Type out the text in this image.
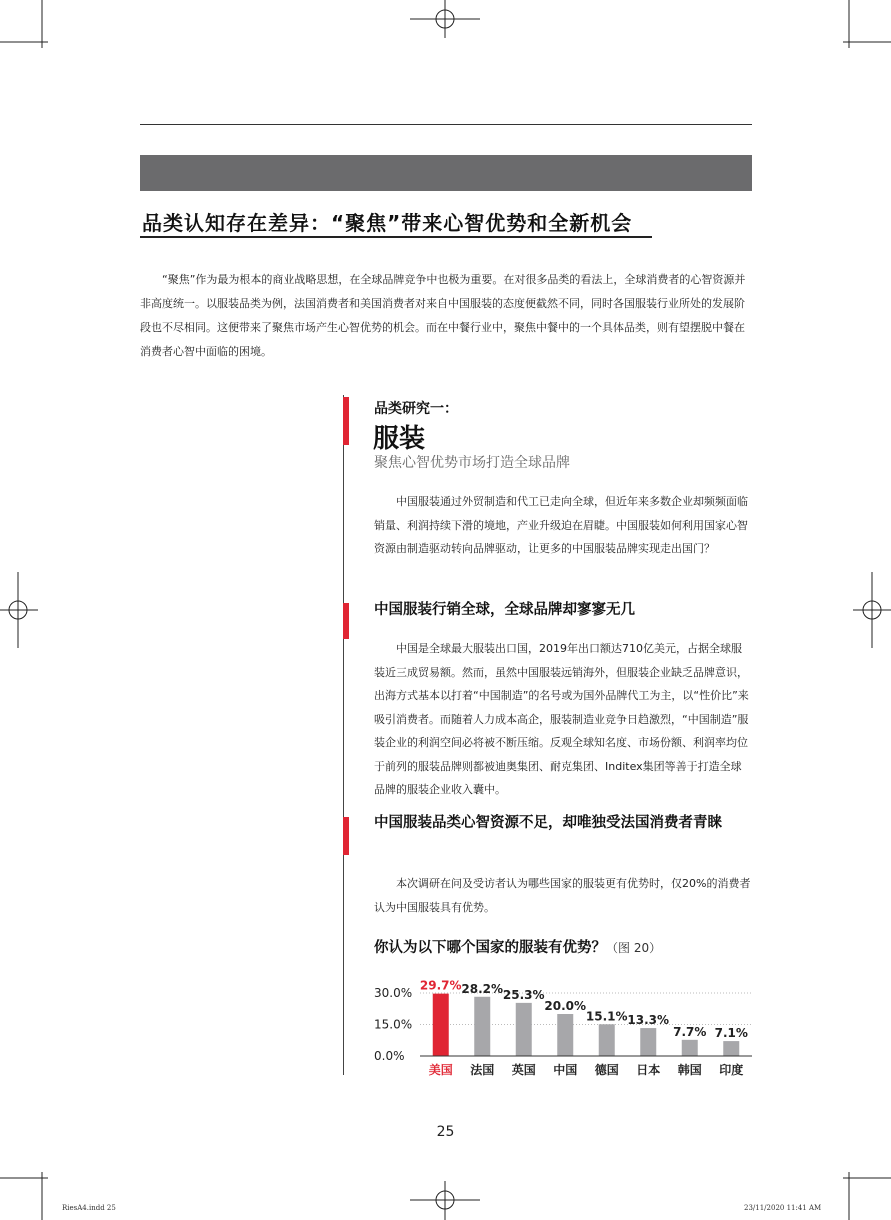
品类认知存在差异：“聚焦”带来心智优势和全新机会

“聚焦”作为最为根本的商业战略思想，在全球品牌竞争中也极为重要。在对很多品类的看法上，全球消费者的心智资源并非高度统一。以服装品类为例，法国消费者和美国消费者对来自中国服装的态度便截然不同，同时各国服装行业所处的发展阶段也不尽相同。这便带来了聚焦市场产生心智优势的机会。而在中餐行业中，聚焦中餐中的一个具体品类，则有望摆脱中餐在消费者心智中面临的困境。

品类研究一：
服装
聚焦心智优势市场打造全球品牌

中国服装通过外贸制造和代工已走向全球，但近年来多数企业却频频面临销量、利润持续下滑的境地，产业升级迫在眉睫。中国服装如何利用国家心智资源由制造驱动转向品牌驱动，让更多的中国服装品牌实现走出国门？

中国服装行销全球，全球品牌却寥寥无几

中国是全球最大服装出口国，2019年出口额达710亿美元，占据全球服装近三成贸易额。然而，虽然中国服装远销海外，但服装企业缺乏品牌意识，出海方式基本以打着“中国制造”的名号或为国外品牌代工为主，以“性价比”来吸引消费者。而随着人力成本高企，服装制造业竞争日趋激烈，“中国制造”服装企业的利润空间必将被不断压缩。反观全球知名度、市场份额、利润率均位于前列的服装品牌则都被迪奥集团、耐克集团、Inditex集团等善于打造全球品牌的服装企业收入囊中。

中国服装品类心智资源不足，却唯独受法国消费者青睐

本次调研在问及受访者认为哪些国家的服装更有优势时，仅20%的消费者认为中国服装具有优势。

你认为以下哪个国家的服装有优势？（图 20）
30.0%
15.0%
0.0%
29.7%
美国
28.2%
法国
25.3%
英国
20.0%
中国
15.1%
德国
13.3%
日本
7.7%
韩国
7.1%
印度
25
RiesA4.indd 25	23/11/2020 11:41 AM
